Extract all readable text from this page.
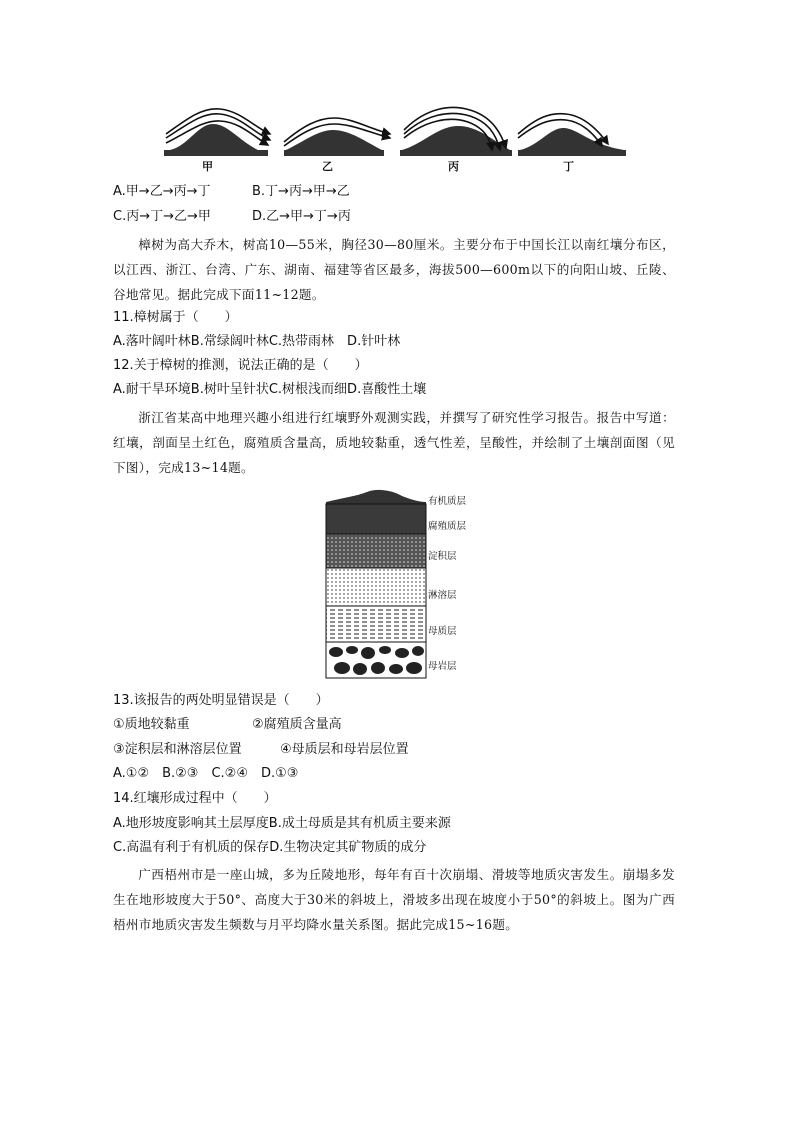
甲	乙	丙	丁
A.甲→乙→丙→丁	B.丁→丙→甲→乙
C.丙→丁→乙→甲	D.乙→甲→丁→丙
樟树为高大乔木，树高10—55米，胸径30—80厘米。主要分布于中国长江以南红壤分布区，以江西、浙江、台湾、广东、湖南、福建等省区最多，海拔500—600m以下的向阳山坡、丘陵、谷地常见。据此完成下面11~12题。
11.樟树属于（　　）
A.落叶阔叶林B.常绿阔叶林C.热带雨林　D.针叶林
12.关于樟树的推测，说法正确的是（　　）
A.耐干旱环境B.树叶呈针状C.树根浅而细D.喜酸性土壤
浙江省某高中地理兴趣小组进行红壤野外观测实践，并撰写了研究性学习报告。报告中写道：红壤，剖面呈土红色，腐殖质含量高，质地较黏重，透气性差，呈酸性，并绘制了土壤剖面图（见下图），完成13~14题。
有机质层
腐殖质层
淀积层
淋溶层
母质层
母岩层
13.该报告的两处明显错误是（　　）
①质地较黏重	②腐殖质含量高
③淀积层和淋溶层位置	④母质层和母岩层位置
A.①②　B.②③　C.②④　D.①③
14.红壤形成过程中（　　）
A.地形坡度影响其土层厚度B.成土母质是其有机质主要来源
C.高温有利于有机质的保存D.生物决定其矿物质的成分
广西梧州市是一座山城，多为丘陵地形，每年有百十次崩塌、滑坡等地质灾害发生。崩塌多发生在地形坡度大于50°、高度大于30米的斜坡上，滑坡多出现在坡度小于50°的斜坡上。图为广西梧州市地质灾害发生频数与月平均降水量关系图。据此完成15~16题。
